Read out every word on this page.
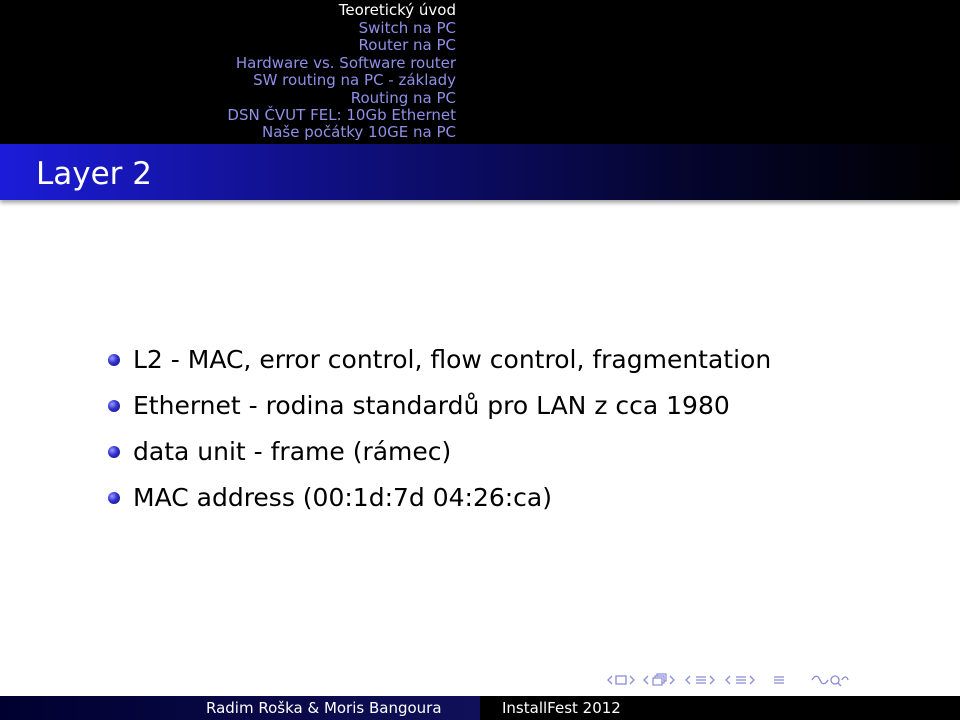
Teoretický úvod
Switch na PC
Router na PC
Hardware vs. Software router
SW routing na PC - základy
Routing na PC
DSN ČVUT FEL: 10Gb Ethernet
Naše počátky 10GE na PC
Layer 2
L2 - MAC, error control, flow control, fragmentation
Ethernet - rodina standardů pro LAN z cca 1980
data unit - frame (rámec)
MAC address (00:1d:7d 04:26:ca)
Radim Roška & Moris Bangoura	InstallFest 2012
